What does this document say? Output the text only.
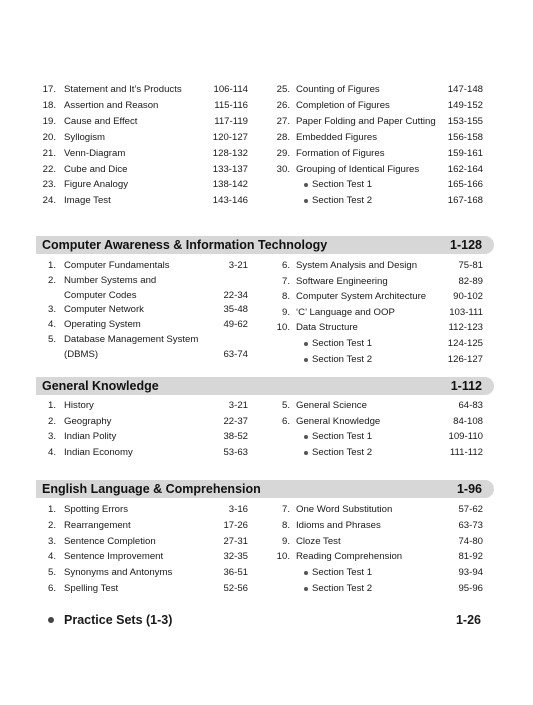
17. Statement and It’s Products	106-114
18. Assertion and Reason	115-116
19. Cause and Effect	117-119
20. Syllogism	120-127
21. Venn-Diagram	128-132
22. Cube and Dice	133-137
23. Figure Analogy	138-142
24. Image Test	143-146
25. Counting of Figures	147-148
26. Completion of Figures	149-152
27. Paper Folding and Paper Cutting 153-155
28. Embedded Figures	156-158
29. Formation of Figures	159-161
30. Grouping of Identical Figures	162-164
Section Test 1	165-166
Section Test 2	167-168
Computer Awareness & Information Technology	1-128
1. Computer Fundamentals	3-21
2. Number Systems and
Computer Codes	22-34
3. Computer Network	35-48
4. Operating System	49-62
5. Database Management System
(DBMS)	63-74
6. System Analysis and Design	75-81
7. Software Engineering	82-89
8. Computer System Architecture	90-102
9. ‘C’ Language and OOP	103-111
10. Data Structure	112-123
Section Test 1	124-125
Section Test 2	126-127
General Knowledge	1-112
1. History	3-21
2. Geography	22-37
3. Indian Polity	38-52
4. Indian Economy	53-63
5. General Science	64-83
6. General Knowledge	84-108
Section Test 1	109-110
Section Test 2	111-112
English Language & Comprehension	1-96
1. Spotting Errors	3-16
2. Rearrangement	17-26
3. Sentence Completion	27-31
4. Sentence Improvement	32-35
5. Synonyms and Antonyms	36-51
6. Spelling Test	52-56
7. One Word Substitution	57-62
8. Idioms and Phrases	63-73
9. Cloze Test	74-80
10. Reading Comprehension	81-92
Section Test 1	93-94
Section Test 2	95-96
Practice Sets (1-3)	1-26
